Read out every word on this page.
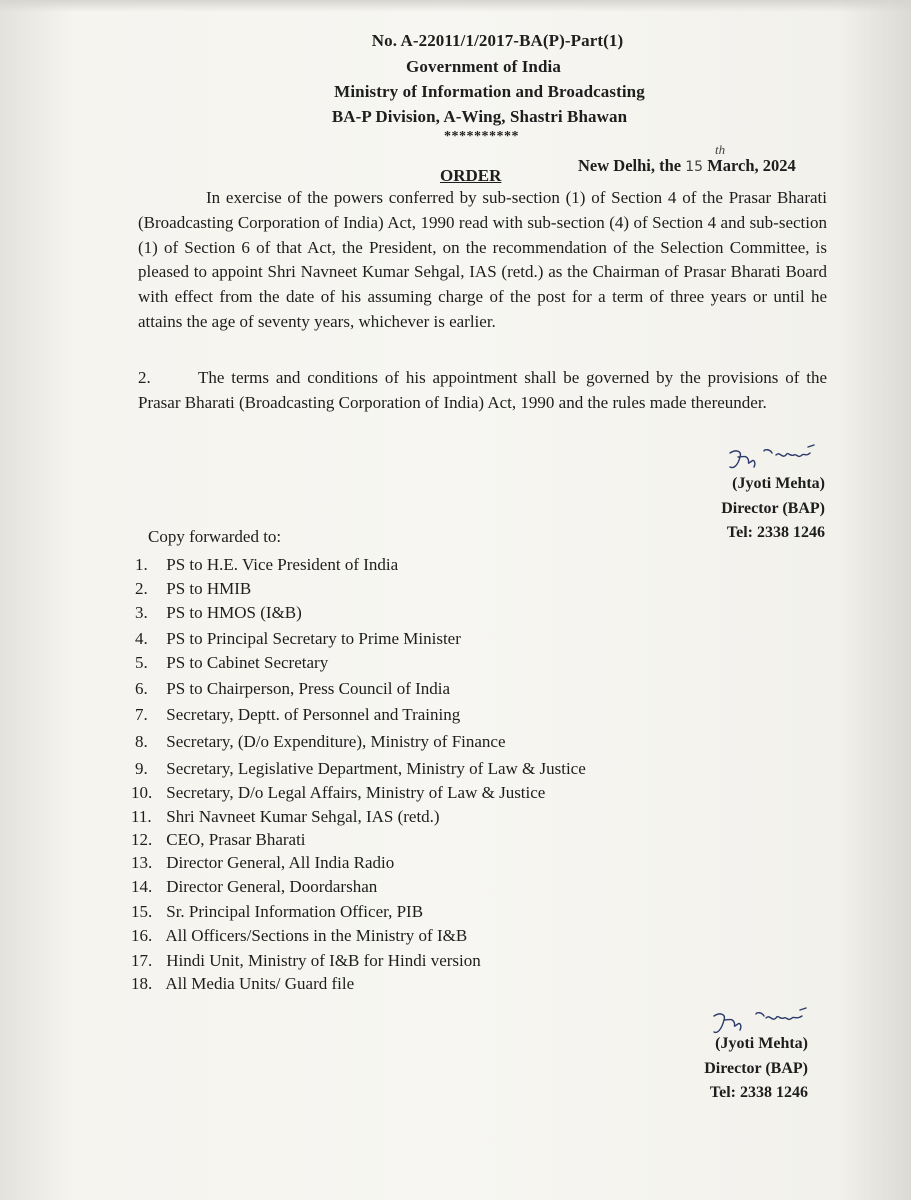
No. A-22011/1/2017-BA(P)-Part(1)
Government of India
Ministry of Information and Broadcasting
BA-P Division, A-Wing, Shastri Bhawan
**********
New Delhi, the 15
th
March, 2024
ORDER
In exercise of the powers conferred by sub-section (1) of Section 4 of the Prasar Bharati (Broadcasting Corporation of India) Act, 1990 read with sub-section (4) of Section 4 and sub-section (1) of Section 6 of that Act, the President, on the recommendation of the Selection Committee, is pleased to appoint Shri Navneet Kumar Sehgal, IAS (retd.) as the Chairman of Prasar Bharati Board with effect from the date of his assuming charge of the post for a term of three years or until he attains the age of seventy years, whichever is earlier.
2.	The terms and conditions of his appointment shall be governed by the provisions of the Prasar Bharati (Broadcasting Corporation of India) Act, 1990 and the rules made thereunder.
(Jyoti Mehta)
Director (BAP)
Tel: 2338 1246
Copy forwarded to:
1. PS to H.E. Vice President of India
2. PS to HMIB
3. PS to HMOS (I&B)
4. PS to Principal Secretary to Prime Minister
5. PS to Cabinet Secretary
6. PS to Chairperson, Press Council of India
7. Secretary, Deptt. of Personnel and Training
8. Secretary, (D/o Expenditure), Ministry of Finance
9. Secretary, Legislative Department, Ministry of Law & Justice
10. Secretary, D/o Legal Affairs, Ministry of Law & Justice
11. Shri Navneet Kumar Sehgal, IAS (retd.)
12. CEO, Prasar Bharati
13. Director General, All India Radio
14. Director General, Doordarshan
15. Sr. Principal Information Officer, PIB
16. All Officers/Sections in the Ministry of I&B
17. Hindi Unit, Ministry of I&B for Hindi version
18. All Media Units/ Guard file
(Jyoti Mehta)
Director (BAP)
Tel: 2338 1246
